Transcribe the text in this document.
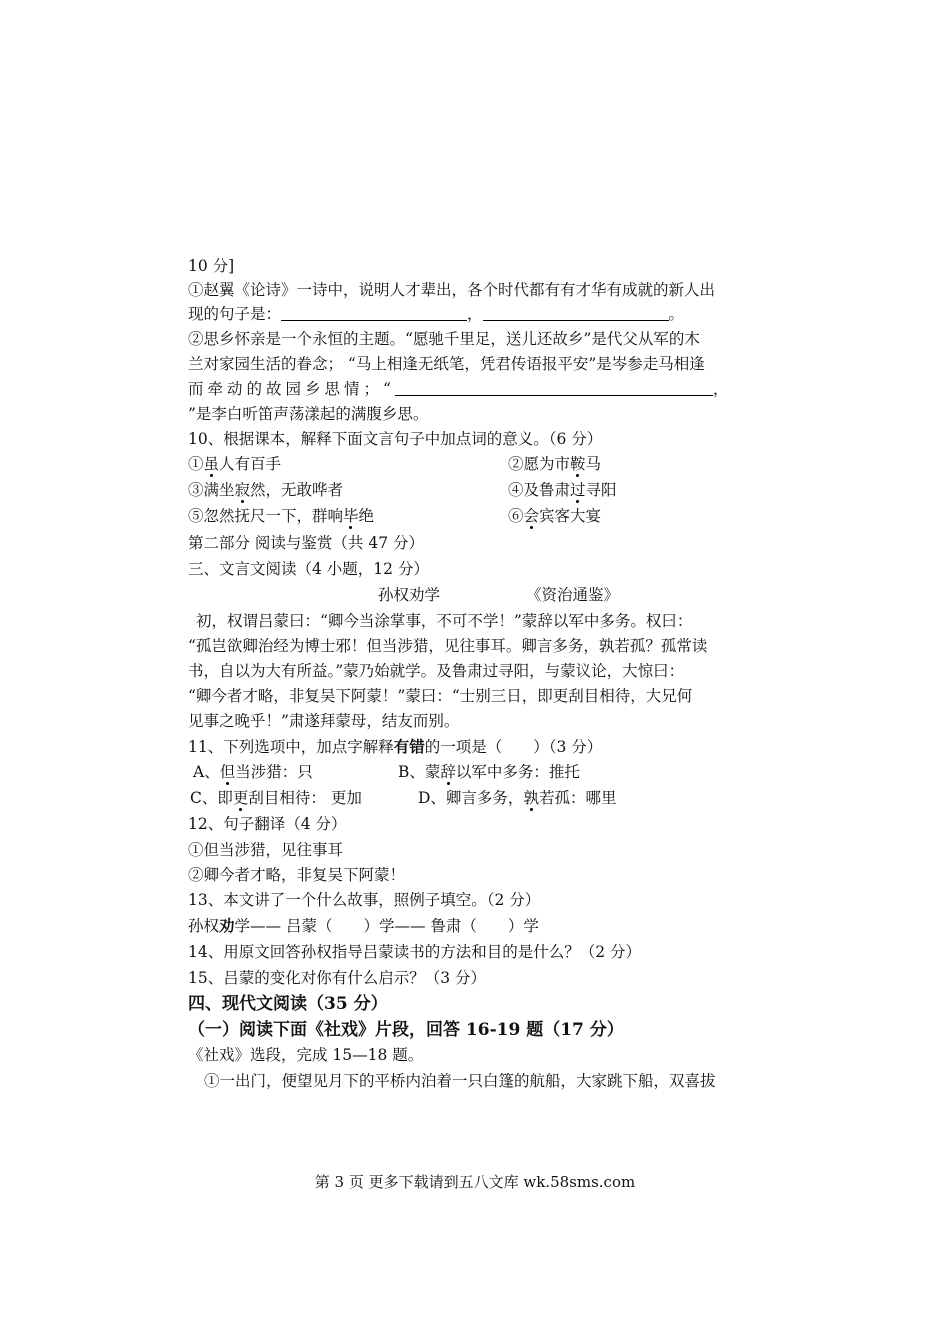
10 分]
①赵翼《论诗》一诗中，说明人才辈出，各个时代都有有才华有成就的新人出
现的句子是：	，	。
②思乡怀亲是一个永恒的主题。“愿驰千里足，送儿还故乡”是代父从军的木
兰对家园生活的眷念； “马上相逢无纸笔，凭君传语报平安”是岑参走马相逢
而牵动的故园乡思情；“	，
”是李白听笛声荡漾起的满腹乡思。
10、根据课本，解释下面文言句子中加点词的意义。（6 分）
①虽人有百手	②愿为市鞍马
③满坐寂然，无敢哗者	④及鲁肃过寻阳
⑤忽然抚尺一下，群响毕绝	⑥会宾客大宴
第二部分 阅读与鉴赏（共 47 分）
三、文言文阅读（4 小题，12 分）
孙权劝学	《资治通鉴》
初，权谓吕蒙曰：“卿今当涂掌事，不可不学！”蒙辞以军中多务。权曰：
“孤岂欲卿治经为博士邪！但当涉猎，见往事耳。卿言多务，孰若孤？孤常读
书，自以为大有所益。”蒙乃始就学。及鲁肃过寻阳，与蒙议论，大惊曰：
“卿今者才略，非复吴下阿蒙！”蒙曰：“士别三日，即更刮目相待，大兄何
见事之晚乎！”肃遂拜蒙母，结友而别。
11、下列选项中，加点字解释有错的一项是（　　）（3 分）
A、但当涉猎：只	B、蒙辞以军中多务：推托
C、即更刮目相待： 更加	D、卿言多务，孰若孤：哪里
12、句子翻译（4 分）
①但当涉猎，见往事耳
②卿今者才略，非复吴下阿蒙！
13、本文讲了一个什么故事，照例子填空。（2 分）
孙权劝学—— 吕蒙（　　）学—— 鲁肃（　　）学
14、用原文回答孙权指导吕蒙读书的方法和目的是什么？（2 分）
15、吕蒙的变化对你有什么启示？（3 分）
四、现代文阅读（35 分）
（一）阅读下面《社戏》片段，回答 16-19 题（17 分）
《社戏》选段，完成 15—18 题。
①一出门，便望见月下的平桥内泊着一只白篷的航船，大家跳下船，双喜拔
第 3 页 更多下载请到五八文库 wk.58sms.com
